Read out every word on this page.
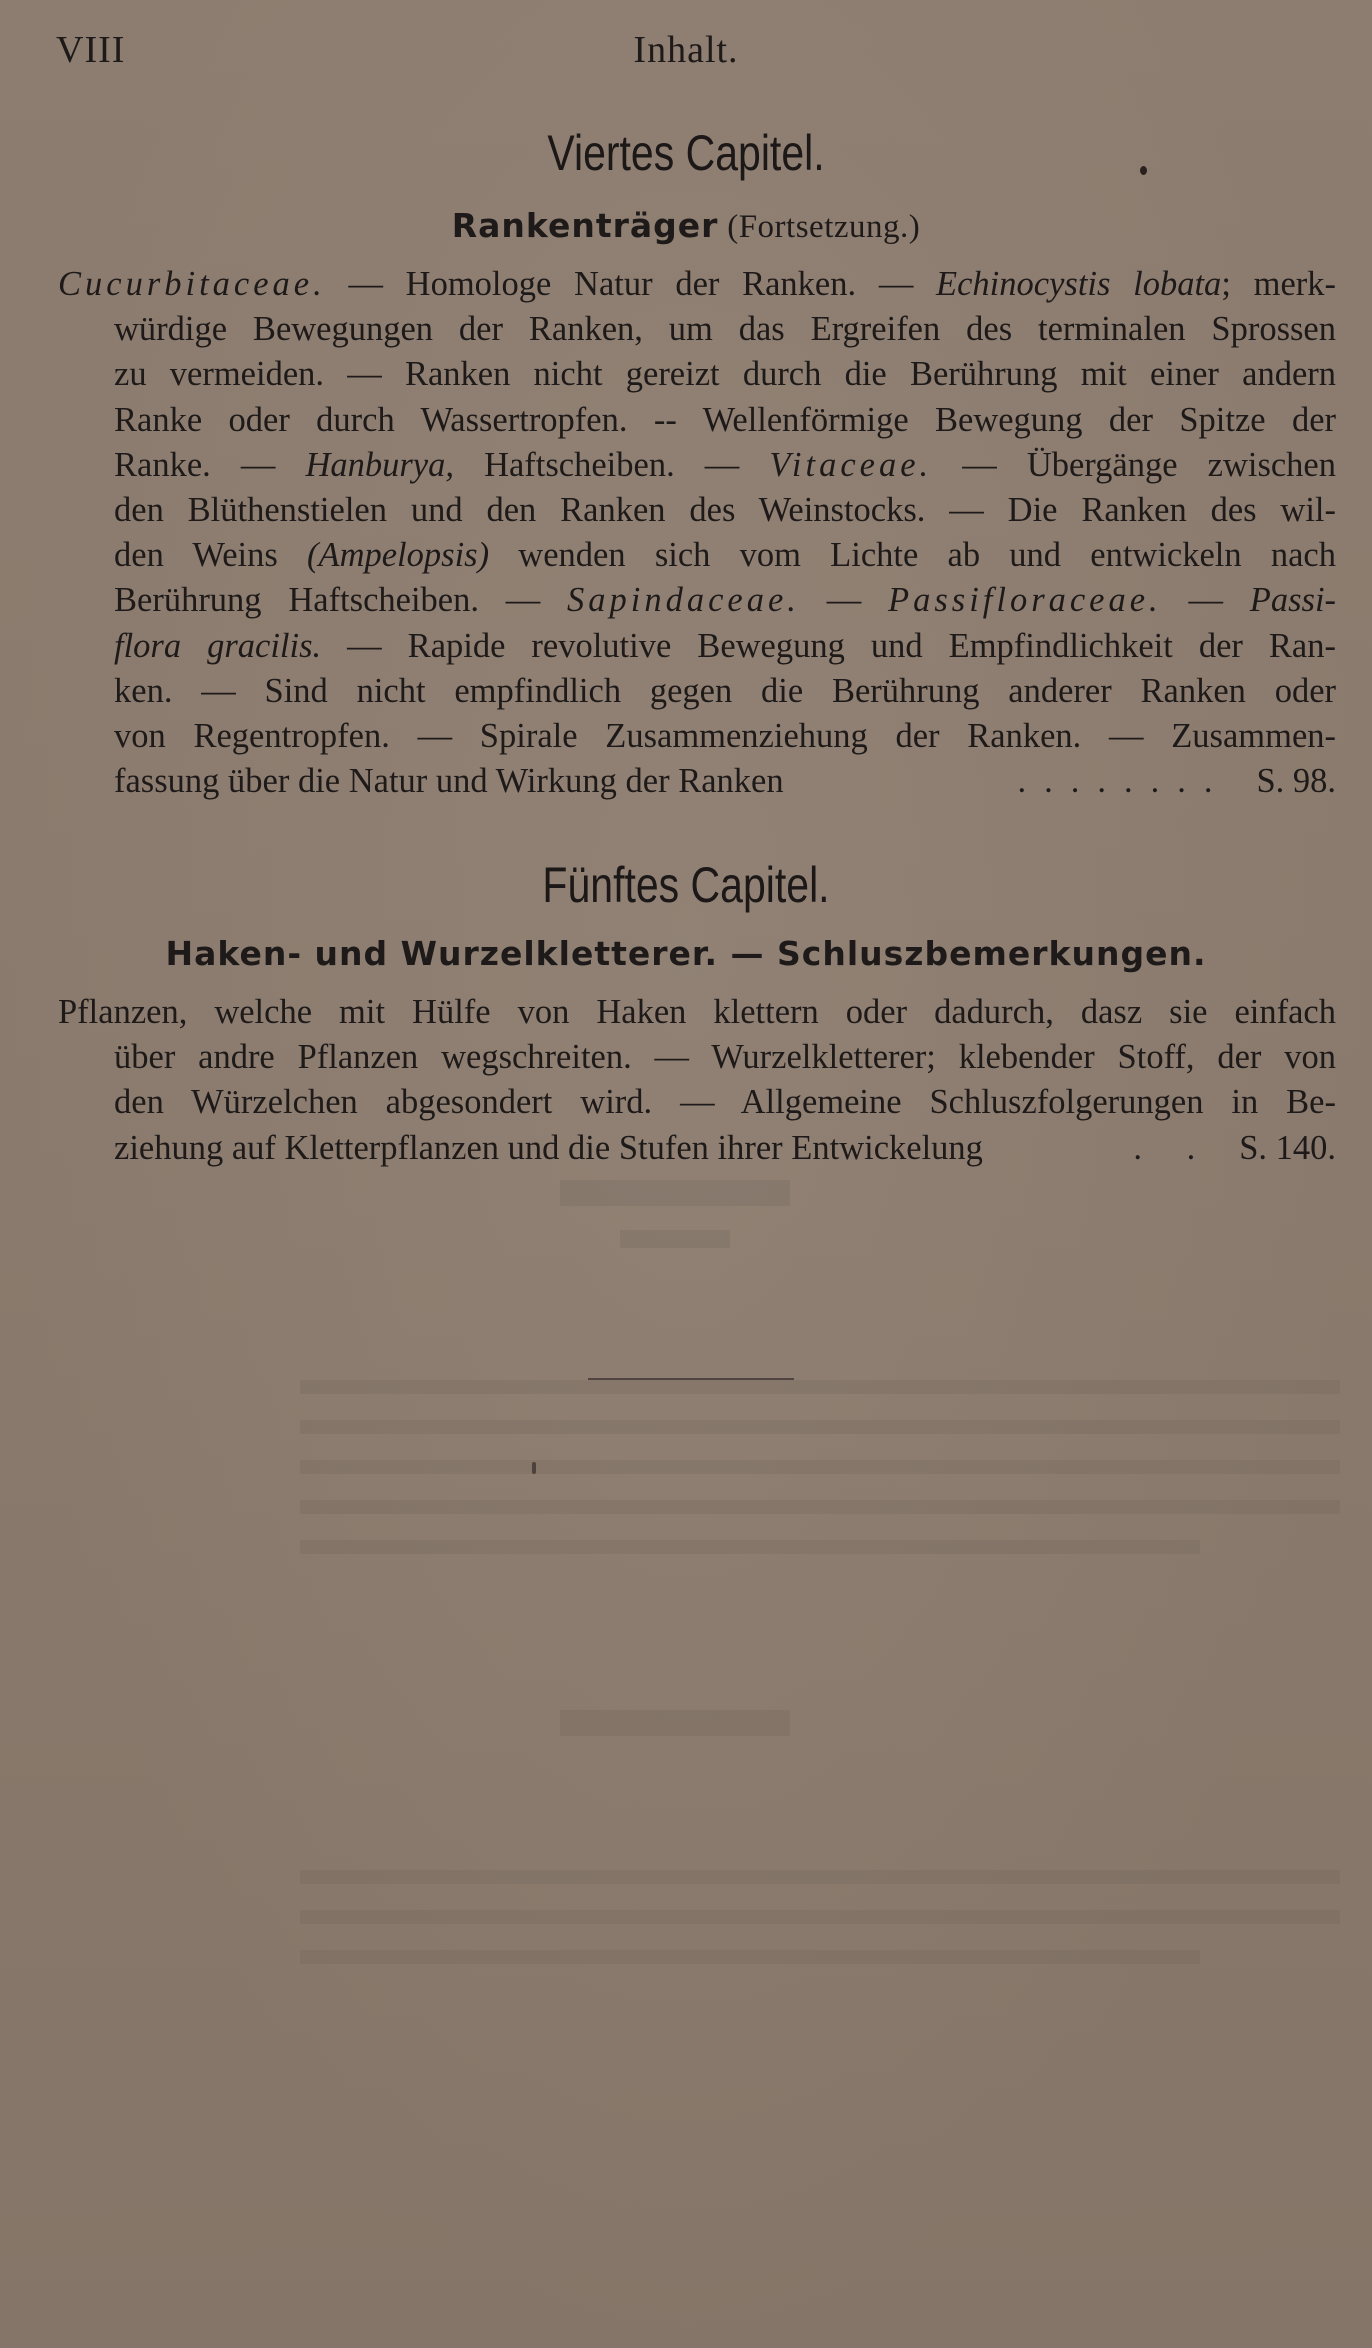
VIII	Inhalt.
Viertes Capitel.
Rankenträger (Fortsetzung.)
Cucurbitaceae. — Homologe Natur der Ranken. — Echinocystis lobata; merk-
würdige Bewegungen der Ranken, um das Ergreifen des terminalen Sprossen
zu vermeiden. — Ranken nicht gereizt durch die Berührung mit einer andern
Ranke oder durch Wassertropfen. -- Wellenförmige Bewegung der Spitze der
Ranke. — Hanburya, Haftscheiben. — Vitaceae. — Übergänge zwischen
den Blüthenstielen und den Ranken des Weinstocks. — Die Ranken des wil-
den Weins (Ampelopsis) wenden sich vom Lichte ab und entwickeln nach
Berührung Haftscheiben. — Sapindaceae. — Passifloraceae. — Passi-
flora gracilis. — Rapide revolutive Bewegung und Empfindlichkeit der Ran-
ken. — Sind nicht empfindlich gegen die Berührung anderer Ranken oder
von Regentropfen. — Spirale Zusammenziehung der Ranken. — Zusammen-
fassung über die Natur und Wirkung der Ranken	........ S. 98.
Fünftes Capitel.
Haken- und Wurzelkletterer. — Schluszbemerkungen.
Pflanzen, welche mit Hülfe von Haken klettern oder dadurch, dasz sie einfach
über andre Pflanzen wegschreiten. — Wurzelkletterer; klebender Stoff, der von
den Würzelchen abgesondert wird. — Allgemeine Schluszfolgerungen in Be-
ziehung auf Kletterpflanzen und die Stufen ihrer Entwickelung	. . S. 140.
